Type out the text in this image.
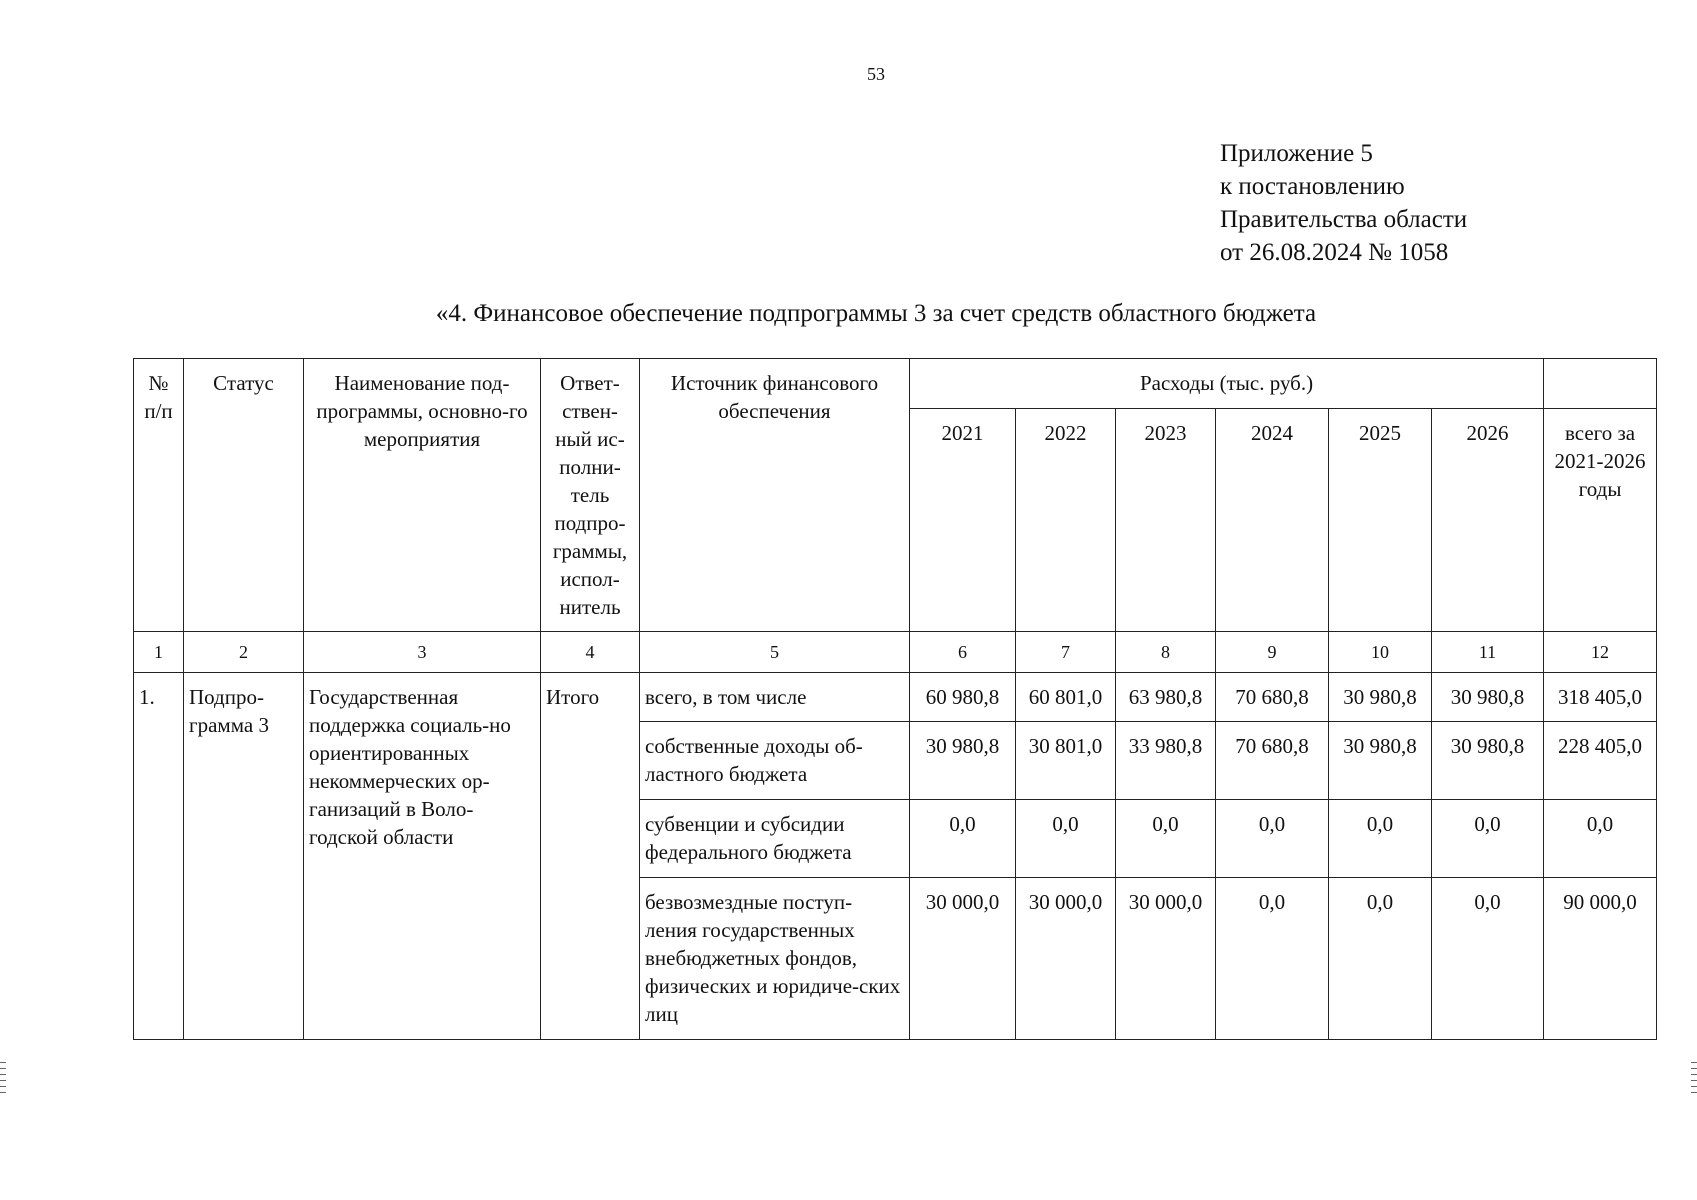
53
Приложение 5
к постановлению
Правительства области
от 26.08.2024 № 1058
«4. Финансовое обеспечение подпрограммы 3 за счет средств областного бюджета
№ п/п	Статус	Наименование под-программы, основно-го мероприятия	Ответ-ствен-ный ис-полни-тель подпро-граммы, испол-нитель	Источник финансового обеспечения	Расходы (тыс. руб.)						
					2021	2022	2023	2024	2025	2026	всего за 2021-2026 годы
1	2	3	4	5	6	7	8	9	10	11	12
1.	Подпро-грамма 3	Государственная поддержка социаль-но ориентированных некоммерческих ор-ганизаций в Воло-годской области	Итого	всего, в том числе	60 980,8	60 801,0	63 980,8	70 680,8	30 980,8	30 980,8	318 405,0
				собственные доходы об-ластного бюджета	30 980,8	30 801,0	33 980,8	70 680,8	30 980,8	30 980,8	228 405,0
				субвенции и субсидии федерального бюджета	0,0	0,0	0,0	0,0	0,0	0,0	0,0
				безвозмездные поступ-ления государственных внебюджетных фондов, физических и юридиче-ских лиц	30 000,0	30 000,0	30 000,0	0,0	0,0	0,0	90 000,0
